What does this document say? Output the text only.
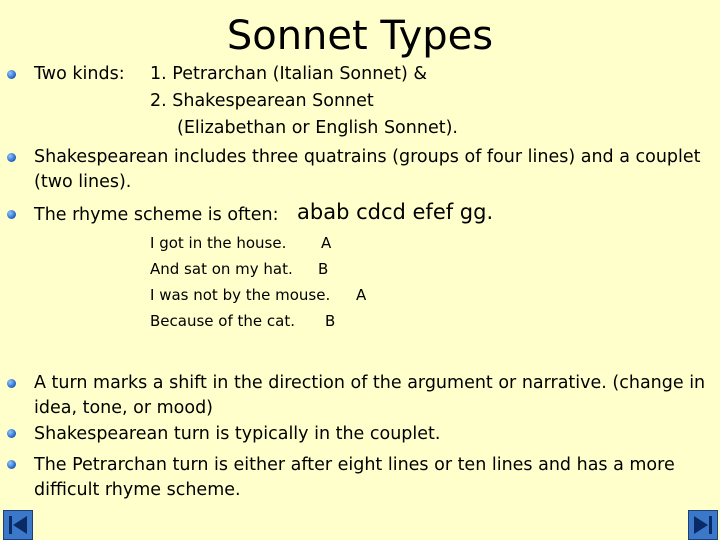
Sonnet Types
Two kinds: 1. Petrarchan (Italian Sonnet) &
2. Shakespearean Sonnet
(Elizabethan or English Sonnet).
Shakespearean includes three quatrains (groups of four lines) and a couplet
(two lines).
The rhyme scheme is often: abab cdcd efef gg.
I got in the house. A
And sat on my hat. B
I was not by the mouse. A
Because of the cat. B
A turn marks a shift in the direction of the argument or narrative. (change in
idea, tone, or mood)
Shakespearean turn is typically in the couplet.
The Petrarchan turn is either after eight lines or ten lines and has a more
difficult rhyme scheme.
